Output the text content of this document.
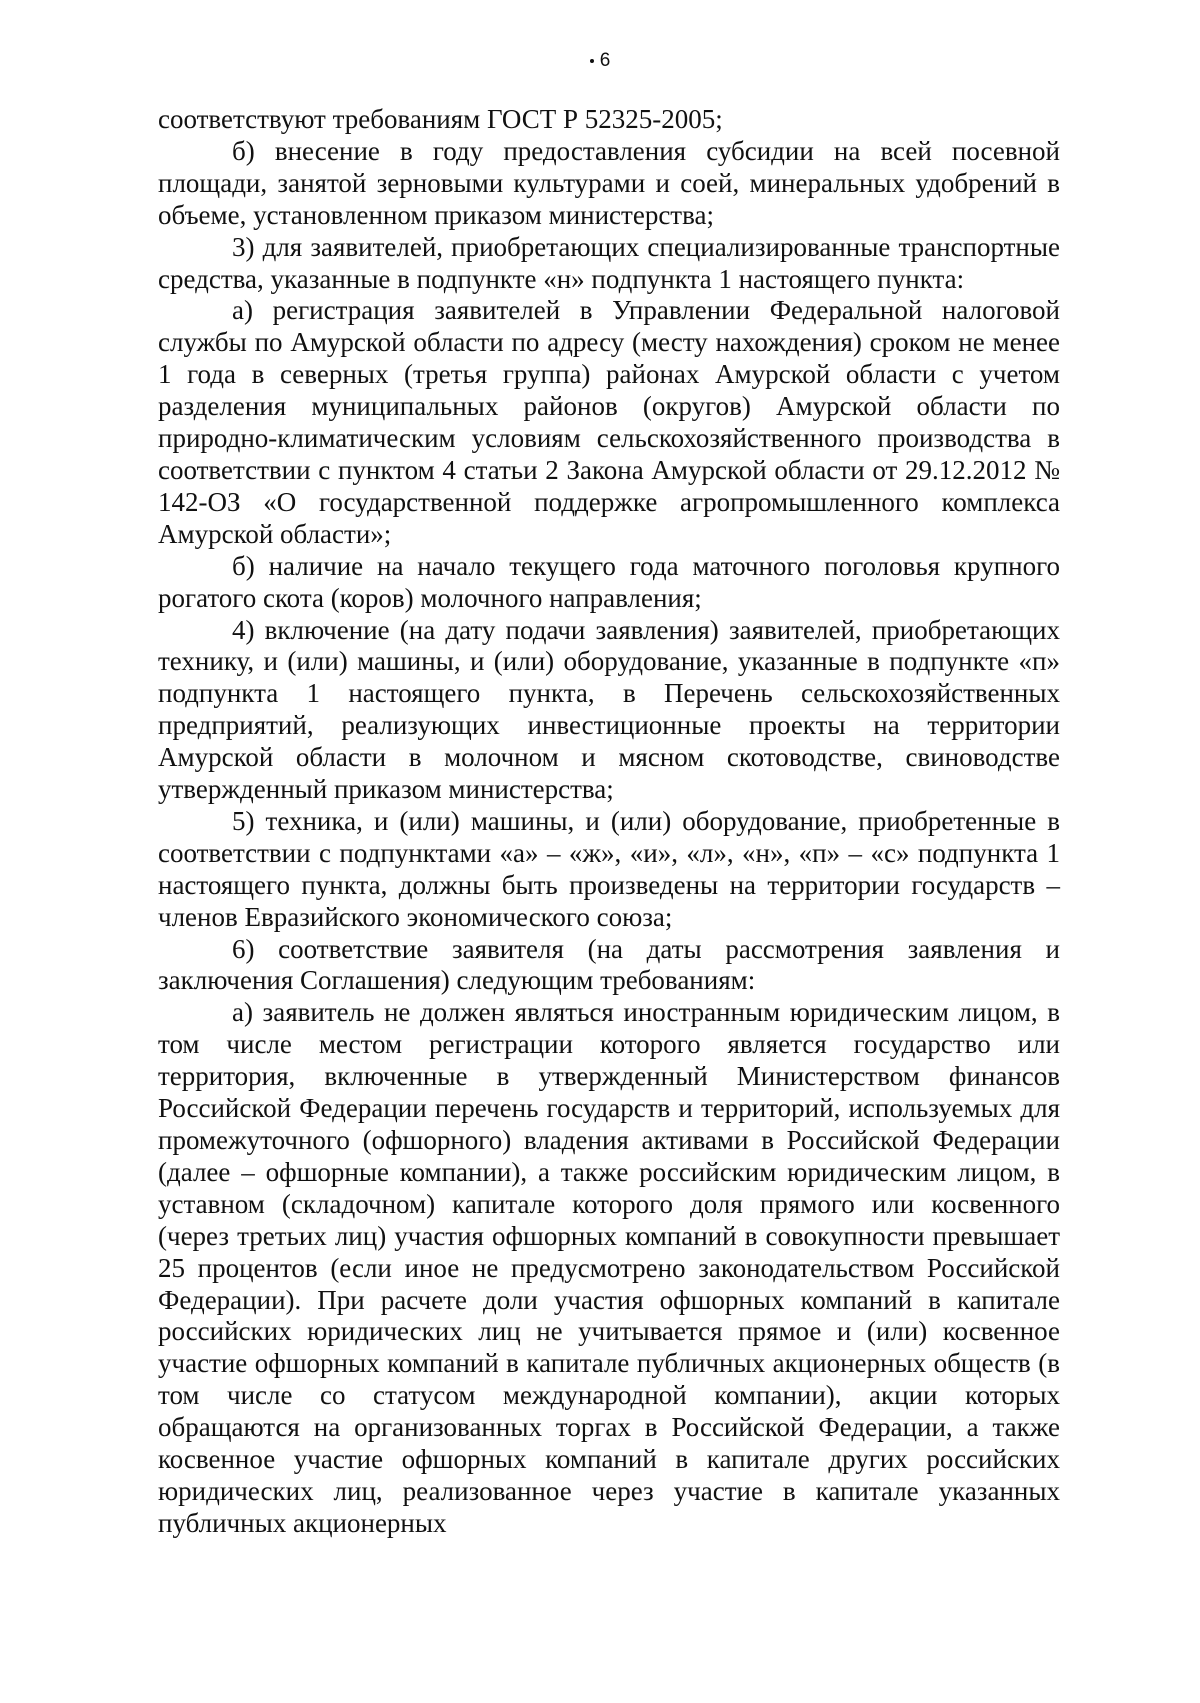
6

соответствуют требованиям ГОСТ Р 52325-2005;

б) внесение в году предоставления субсидии на всей посевной площади, занятой зерновыми культурами и соей, минеральных удобрений в объеме, установленном приказом министерства;

3) для заявителей, приобретающих специализированные транспортные средства, указанные в подпункте «н» подпункта 1 настоящего пункта:

а) регистрация заявителей в Управлении Федеральной налоговой службы по Амурской области по адресу (месту нахождения) сроком не менее 1 года в северных (третья группа) районах Амурской области с учетом разделения муниципальных районов (округов) Амурской области по природно-климатическим условиям сельскохозяйственного производства в соответствии с пунктом 4 статьи 2 Закона Амурской области от 29.12.2012 № 142-ОЗ «О государственной поддержке агропромышленного комплекса Амурской области»;

б) наличие на начало текущего года маточного поголовья крупного рогатого скота (коров) молочного направления;

4) включение (на дату подачи заявления) заявителей, приобретающих технику, и (или) машины, и (или) оборудование, указанные в подпункте «п» подпункта 1 настоящего пункта, в Перечень сельскохозяйственных предприятий, реализующих инвестиционные проекты на территории Амурской области в молочном и мясном скотоводстве, свиноводстве утвержденный приказом министерства;

5) техника, и (или) машины, и (или) оборудование, приобретенные в соответствии с подпунктами «а» – «ж», «и», «л», «н», «п» – «с» подпункта 1 настоящего пункта, должны быть произведены на территории государств – членов Евразийского экономического союза;

6) соответствие заявителя (на даты рассмотрения заявления и заключения Соглашения) следующим требованиям:

а) заявитель не должен являться иностранным юридическим лицом, в том числе местом регистрации которого является государство или территория, включенные в утвержденный Министерством финансов Российской Федерации перечень государств и территорий, используемых для промежуточного (офшорного) владения активами в Российской Федерации (далее – офшорные компании), а также российским юридическим лицом, в уставном (складочном) капитале которого доля прямого или косвенного (через третьих лиц) участия офшорных компаний в совокупности превышает 25 процентов (если иное не предусмотрено законодательством Российской Федерации). При расчете доли участия офшорных компаний в капитале российских юридических лиц не учитывается прямое и (или) косвенное участие офшорных компаний в капитале публичных акционерных обществ (в том числе со статусом международной компании), акции которых обращаются на организованных торгах в Российской Федерации, а также косвенное участие офшорных компаний в капитале других российских юридических лиц, реализованное через участие в капитале указанных публичных акционерных
